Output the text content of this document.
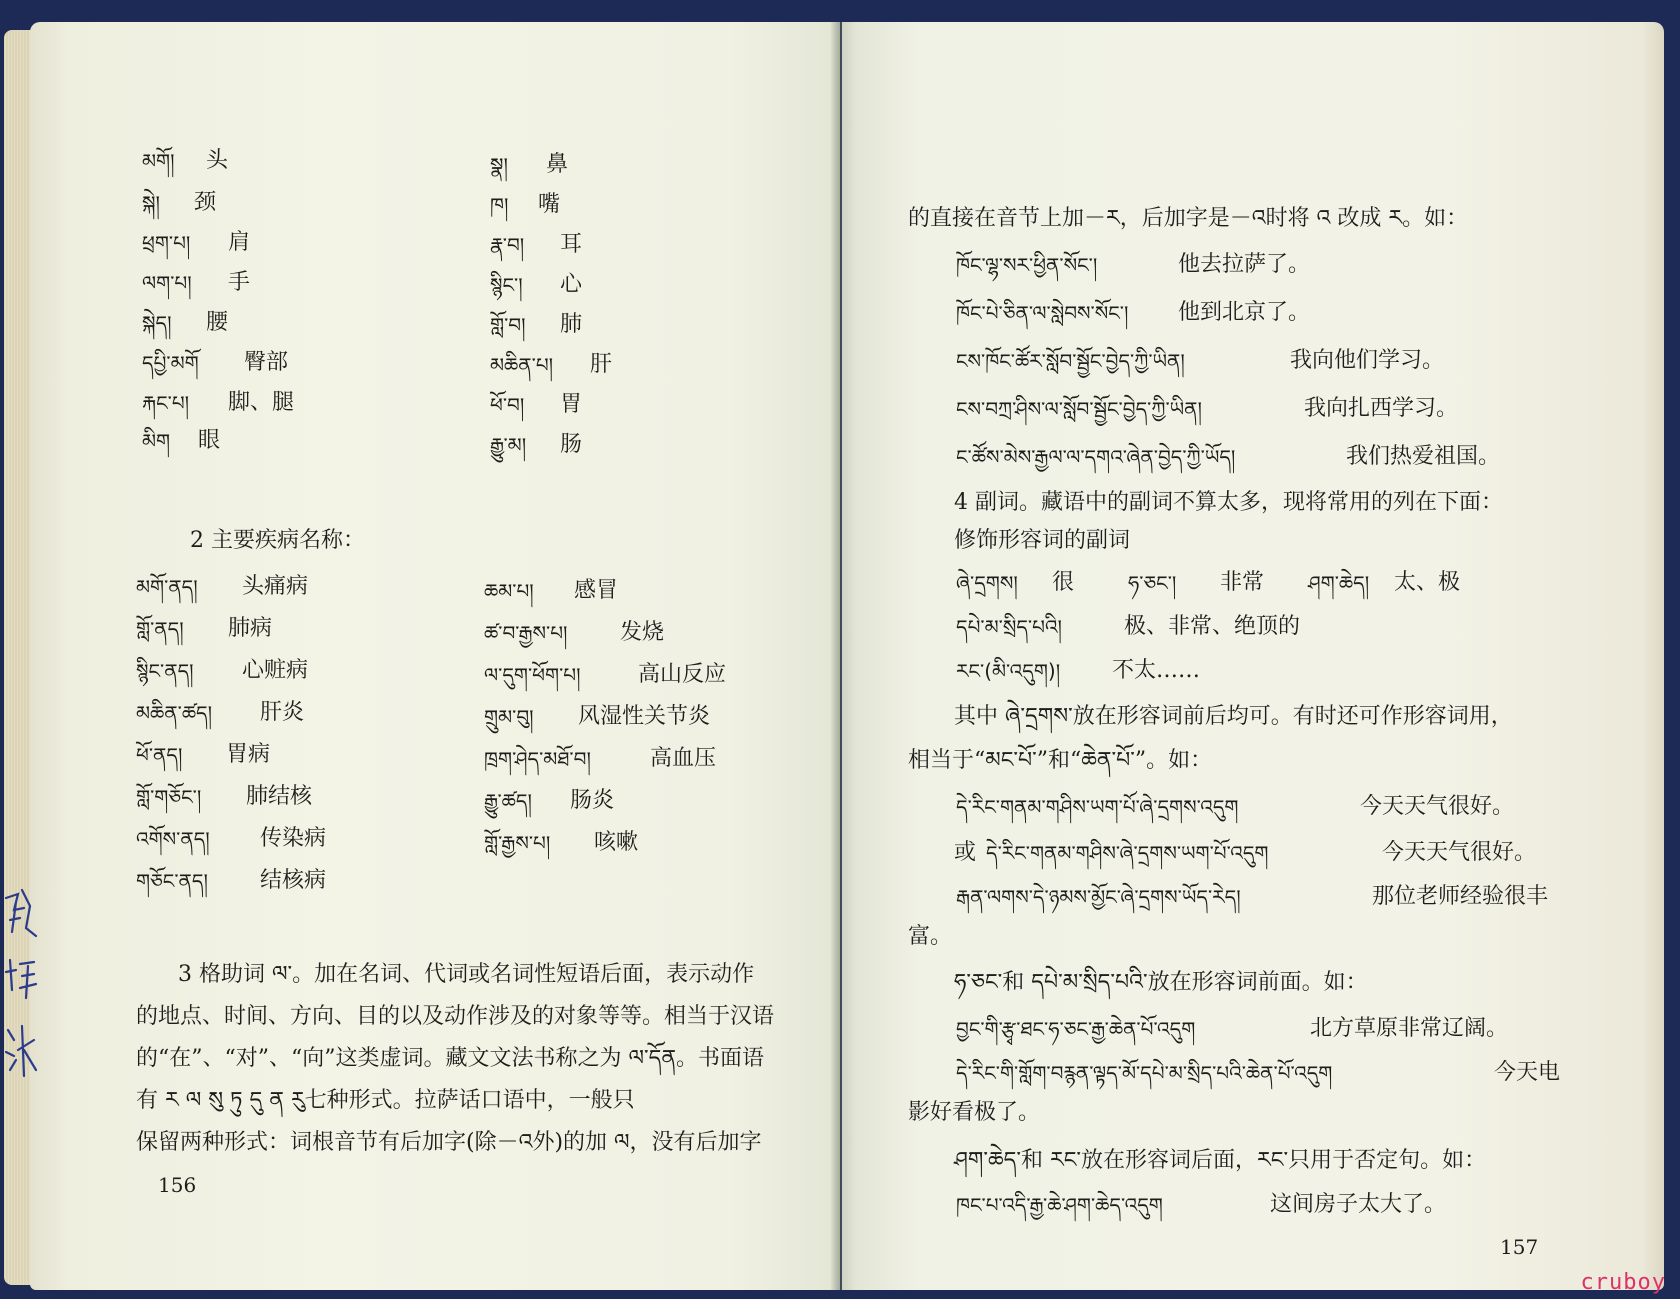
མགོ། 头	སྣ། 鼻
སྐེ། 颈	ཁ། 嘴
ཕྲག་པ། 肩	རྣ་བ། 耳
ལག་པ། 手	སྙིང་། 心
སྐེད། 腰	གློ་བ། 肺
དཔྱི་མགོ 臀部	མཆིན་པ། 肝
རྐང་པ། 脚、腿	ཕོ་བ། 胃
མིག 眼	རྒྱུ་མ། 肠
2 主要疾病名称：
མགོ་ནད། 头痛病	ཆམ་པ། 感冒
གློ་ནད། 肺病	ཚ་བ་རྒྱས་པ། 发烧
སྙིང་ནད། 心赃病	ལ་དུག་ཕོག་པ།	高山反应
མཆིན་ཚད། 肝炎	གྲུམ་བུ། 风湿性关节炎
ཕོ་ནད། 胃病	ཁྲག་ཤེད་མཐོ་བ།	高血压
གློ་གཅོང་། 肺结核	རྒྱུ་ཚད། 肠炎
འགོས་ནད། 传染病	གློ་རྒྱས་པ། 咳嗽
གཅོང་ནད། 结核病
3 格助词 ལ་。加在名词、代词或名词性短语后面，表示动作
的地点、时间、方向、目的以及动作涉及的对象等等。相当于汉语
的“在”、“对”、“向”这类虚词。藏文文法书称之为 ལ་དོན。书面语
有 ར ལ སུ ཏུ དུ ན རུ七种形式。拉萨话口语中，一般只
保留两种形式：词根音节有后加字(除－འ外)的加 ལ，没有后加字
156
的直接在音节上加－ར，后加字是－འ时将 འ 改成 ར。如：
ཁོང་ལྷ་སར་ཕྱིན་སོང་།	他去拉萨了。
ཁོང་པེ་ཅིན་ལ་སླེབས་སོང་། 他到北京了。
ངས་ཁོང་ཚོར་སློབ་སྦྱོང་བྱེད་ཀྱི་ཡིན།	我向他们学习。
ངས་བཀྲ་ཤིས་ལ་སློབ་སྦྱོང་བྱེད་ཀྱི་ཡིན།	我向扎西学习。
ང་ཚོས་མེས་རྒྱལ་ལ་དགའ་ཞེན་བྱེད་ཀྱི་ཡོད།	我们热爱祖国。
4 副词。藏语中的副词不算太多，现将常用的列在下面：
修饰形容词的副词
ཞེ་དྲགས། 很	ཧ་ཅང་། 非常 ཤག་ཆེད། 太、极
དཔེ་མ་སྲིད་པའི།	极、非常、绝顶的
རང་(མི་འདུག)། 不太……
其中 ཞེ་དྲགས་放在形容词前后均可。有时还可作形容词用，
相当于“མང་པོ་”和“ཆེན་པོ་”。如：
དེ་རིང་གནམ་གཤིས་ཡག་པོ་ཞེ་དྲགས་འདུག	今天天气很好。
或 དེ་རིང་གནམ་གཤིས་ཞེ་དྲགས་ཡག་པོ་འདུག	今天天气很好。
རྒན་ལགས་དེ་ཉམས་མྱོང་ཞེ་དྲགས་ཡོད་རེད།	那位老师经验很丰
富。
ཧ་ཅང་和 དཔེ་མ་སྲིད་པའི་放在形容词前面。如：
བྱང་གི་རྩྭ་ཐང་ཧ་ཅང་རྒྱ་ཆེན་པོ་འདུག	北方草原非常辽阔。
དེ་རིང་གི་གློག་བརྙན་ལྟད་མོ་དཔེ་མ་སྲིད་པའི་ཆེན་པོ་འདུག	今天电
影好看极了。
ཤག་ཆེད་和 རང་放在形容词后面，རང་只用于否定句。如：
ཁང་པ་འདི་རྒྱ་ཆེ་ཤག་ཆེད་འདུག	这间房子太大了。
157
cruboy
